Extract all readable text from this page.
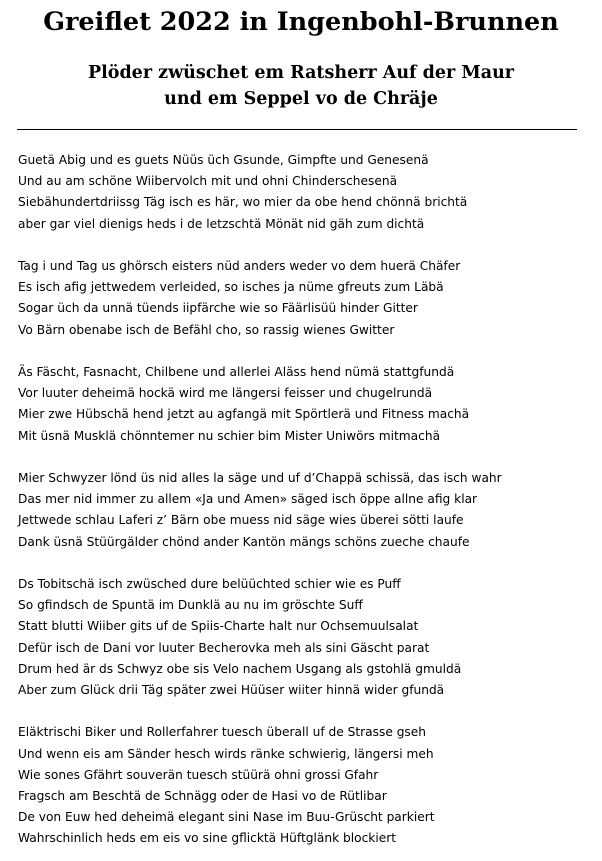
Greiflet 2022 in Ingenbohl-Brunnen
Plöder zwüschet em Ratsherr Auf der Maur
und em Seppel vo de Chräje
Guetä Abig und es guets Nüüs üch Gsunde, Gimpfte und Genesenä
Und au am schöne Wiibervolch mit und ohni Chinderschesenä
Siebähundertdriissg Täg isch es här, wo mier da obe hend chönnä brichtä
aber gar viel dienigs heds i de letzschtä Mönät nid gäh zum dichtä
Tag i und Tag us ghörsch eisters nüd anders weder vo dem huerä Chäfer
Es isch afig jettwedem verleided, so isches ja nüme gfreuts zum Läbä
Sogar üch da unnä tüends iipfärche wie so Fäärlisüü hinder Gitter
Vo Bärn obenabe isch de Befähl cho, so rassig wienes Gwitter
Äs Fäscht, Fasnacht, Chilbene und allerlei Aläss hend nümä stattgfundä
Vor luuter deheimä hockä wird me längersi feisser und chugelrundä
Mier zwe Hübschä hend jetzt au agfangä mit Spörtlerä und Fitness machä
Mit üsnä Musklä chönntemer nu schier bim Mister Uniwörs mitmachä
Mier Schwyzer lönd üs nid alles la säge und uf d’Chappä schissä, das isch wahr
Das mer nid immer zu allem «Ja und Amen» säged isch öppe allne afig klar
Jettwede schlau Laferi z’ Bärn obe muess nid säge wies überei sötti laufe
Dank üsnä Stüürgälder chönd ander Kantön mängs schöns zueche chaufe
Ds Tobitschä isch zwüsched dure belüüchted schier wie es Puff
So gfindsch de Spuntä im Dunklä au nu im gröschte Suff
Statt blutti Wiiber gits uf de Spiis-Charte halt nur Ochsemuulsalat
Defür isch de Dani vor luuter Becherovka meh als sini Gäscht parat
Drum hed är ds Schwyz obe sis Velo nachem Usgang als gstohlä gmuldä
Aber zum Glück drii Täg später zwei Hüüser wiiter hinnä wider gfundä
Eläktrischi Biker und Rollerfahrer tuesch überall uf de Strasse gseh
Und wenn eis am Sänder hesch wirds ränke schwierig, längersi meh
Wie sones Gfährt souverän tuesch stüürä ohni grossi Gfahr
Fragsch am Beschtä de Schnägg oder de Hasi vo de Rütlibar
De von Euw hed deheimä elegant sini Nase im Buu-Grüscht parkiert
Wahrschinlich heds em eis vo sine gflicktä Hüftglänk blockiert
